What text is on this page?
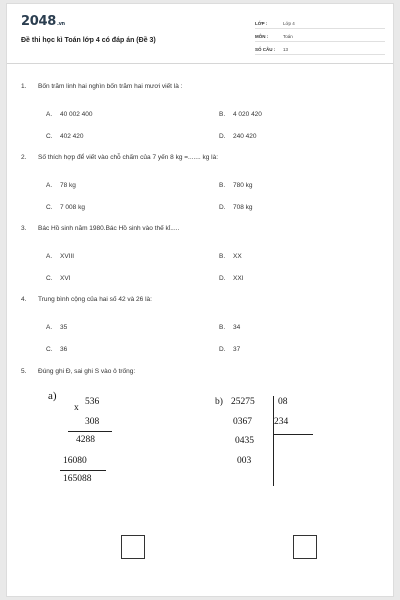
2048.vn
Đề thi học kì Toán lớp 4 có đáp án (Đề 3)
LỚP :	Lớp 4
MÔN :	Toán
SỐ CÂU :	13
1.	Bốn trăm linh hai nghìn bốn trăm hai mươi viết là :
A. 40 002 400	B. 4 020 420
C. 402 420	D. 240 420
2.	Số thích hợp để viết vào chỗ chấm của 7 yến 8 kg =....... kg là:
A. 78 kg	B. 780 kg
C. 7 008 kg	D. 708 kg
3.	Bác Hồ sinh năm 1980.Bác Hồ sinh vào thế kỉ.....
A. XVIII	B. XX
C. XVI	D. XXI
4.	Trung bình cộng của hai số 42 và 26 là:
A. 35	B. 34
C. 36	D. 37
5.	Đúng ghi Đ, sai ghi S vào ô trống:
a)
x
536
308
4288
16080
165088
b) 25275 08
234
0367
0435
003
